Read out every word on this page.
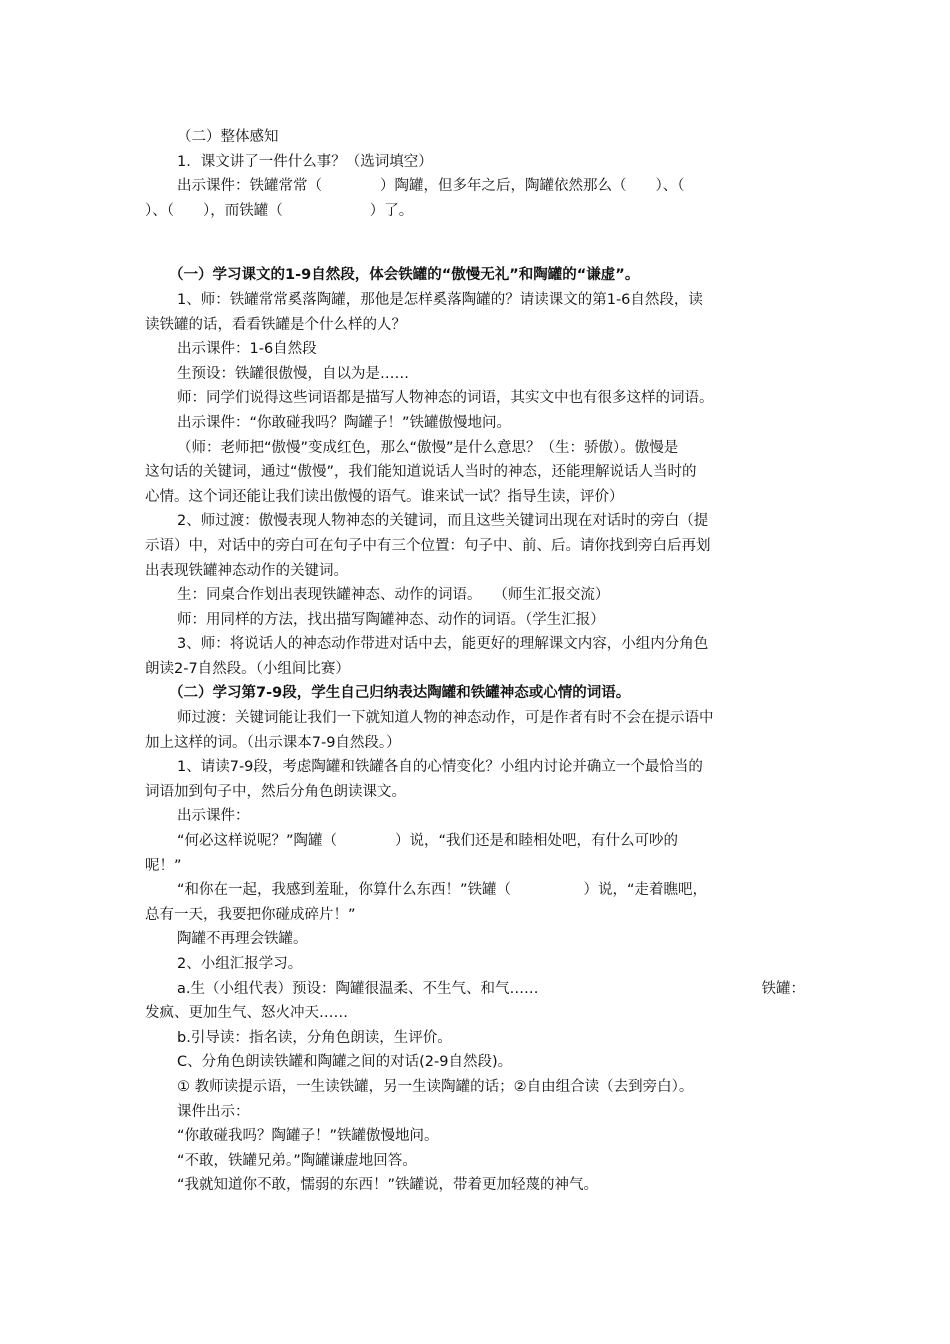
（二）整体感知
1．课文讲了一件什么事？（选词填空）
出示课件：铁罐常常（　　　　）陶罐，但多年之后，陶罐依然那么（　　）、（
）、（　　），而铁罐（　　　　　　）了。
（一）学习课文的1-9自然段，体会铁罐的“傲慢无礼”和陶罐的“谦虚”。
1、师：铁罐常常奚落陶罐，那他是怎样奚落陶罐的？请读课文的第1-6自然段，读
读铁罐的话，看看铁罐是个什么样的人？
出示课件：1-6自然段
生预设：铁罐很傲慢，自以为是……
师：同学们说得这些词语都是描写人物神态的词语，其实文中也有很多这样的词语。
出示课件：“你敢碰我吗？陶罐子！”铁罐傲慢地问。
（师：老师把“傲慢”变成红色，那么“傲慢”是什么意思？（生：骄傲）。傲慢是
这句话的关键词，通过“傲慢”，我们能知道说话人当时的神态，还能理解说话人当时的
心情。这个词还能让我们读出傲慢的语气。谁来试一试？指导生读，评价）
2、师过渡：傲慢表现人物神态的关键词，而且这些关键词出现在对话时的旁白（提
示语）中，对话中的旁白可在句子中有三个位置：句子中、前、后。请你找到旁白后再划
出表现铁罐神态动作的关键词。
生：同桌合作划出表现铁罐神态、动作的词语。　 （师生汇报交流）
师：用同样的方法，找出描写陶罐神态、动作的词语。（学生汇报）
3、师：将说话人的神态动作带进对话中去，能更好的理解课文内容，小组内分角色
朗读2-7自然段。（小组间比赛）
（二）学习第7-9段，学生自己归纳表达陶罐和铁罐神态或心情的词语。
师过渡：关键词能让我们一下就知道人物的神态动作，可是作者有时不会在提示语中
加上这样的词。（出示课本7-9自然段。）
1、请读7-9段，考虑陶罐和铁罐各自的心情变化？小组内讨论并确立一个最恰当的
词语加到句子中，然后分角色朗读课文。
出示课件：
“何必这样说呢？”陶罐（　　　　）说，“我们还是和睦相处吧，有什么可吵的
呢！”
“和你在一起，我感到羞耻，你算什么东西！”铁罐（　　　　　）说，“走着瞧吧，
总有一天，我要把你碰成碎片！”
陶罐不再理会铁罐。
2、小组汇报学习。
a.生（小组代表）预设：陶罐很温柔、不生气、和气……	铁罐：
发疯、更加生气、怒火冲天……
b.引导读：指名读，分角色朗读，生评价。
C、分角色朗读铁罐和陶罐之间的对话(2-9自然段)。
① 教师读提示语，一生读铁罐，另一生读陶罐的话；②自由组合读（去到旁白）。
课件出示：
“你敢碰我吗？陶罐子！”铁罐傲慢地问。
“不敢，铁罐兄弟。”陶罐谦虚地回答。
“我就知道你不敢，懦弱的东西！”铁罐说，带着更加轻蔑的神气。
